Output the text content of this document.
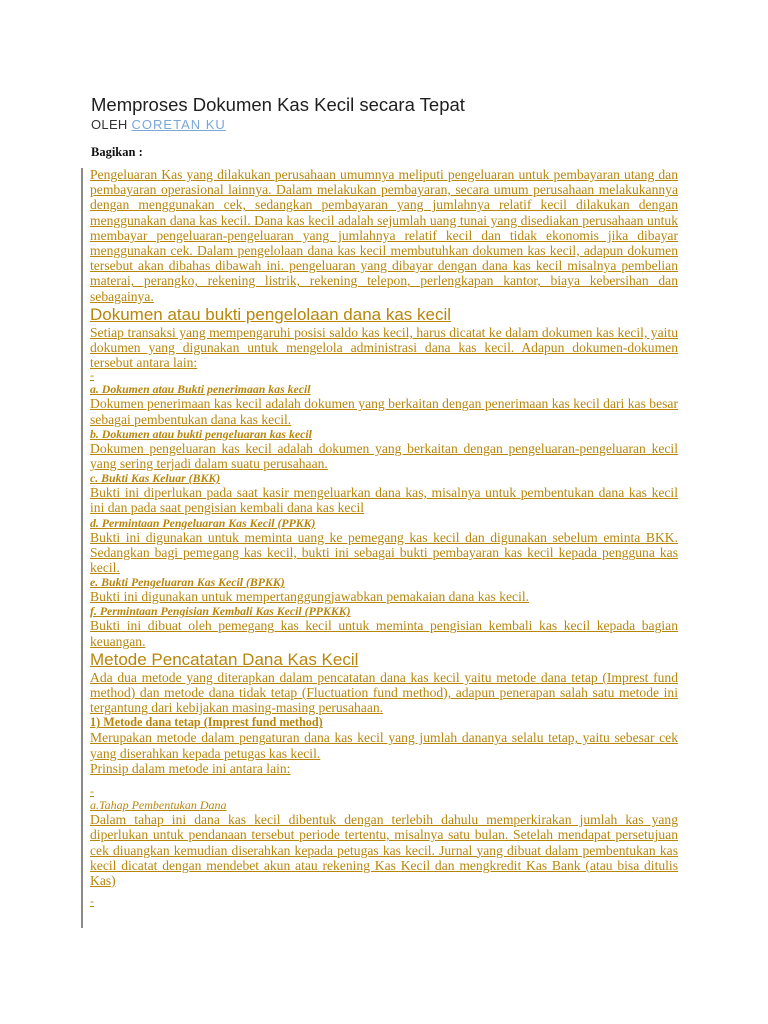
Memproses Dokumen Kas Kecil secara Tepat
OLEH CORETAN KU
Bagikan :

Pengeluaran Kas yang dilakukan perusahaan umumnya meliputi pengeluaran untuk pembayaran utang dan pembayaran operasional lainnya. Dalam melakukan pembayaran, secara umum perusahaan melakukannya dengan menggunakan cek, sedangkan pembayaran yang jumlahnya relatif kecil dilakukan dengan menggunakan dana kas kecil. Dana kas kecil adalah sejumlah uang tunai yang disediakan perusahaan untuk membayar pengeluaran-pengeluaran yang jumlahnya relatif kecil dan tidak ekonomis jika dibayar menggunakan cek. Dalam pengelolaan dana kas kecil membutuhkan dokumen kas kecil, adapun dokumen tersebut akan dibahas dibawah ini. pengeluaran yang dibayar dengan dana kas kecil misalnya pembelian materai, perangko, rekening listrik, rekening telepon, perlengkapan kantor, biaya kebersihan dan sebagainya.

Dokumen atau bukti pengelolaan dana kas kecil

Setiap transaksi yang mempengaruhi posisi saldo kas kecil, harus dicatat ke dalam dokumen kas kecil, yaitu dokumen yang digunakan untuk mengelola administrasi dana kas kecil. Adapun dokumen-dokumen tersebut antara lain:

-
a. Dokumen atau Bukti penerimaan kas kecil

Dokumen penerimaan kas kecil adalah dokumen yang berkaitan dengan penerimaan kas kecil dari kas besar sebagai pembentukan dana kas kecil.

b. Dokumen atau bukti pengeluaran kas kecil

Dokumen pengeluaran kas kecil adalah dokumen yang berkaitan dengan pengeluaran-pengeluaran kecil yang sering terjadi dalam suatu perusahaan.

c. Bukti Kas Keluar (BKK)

Bukti ini diperlukan pada saat kasir mengeluarkan dana kas, misalnya untuk pembentukan dana kas kecil ini dan pada saat pengisian kembali dana kas kecil

d. Permintaan Pengeluaran Kas Kecil (PPKK)

Bukti ini digunakan untuk meminta uang ke pemegang kas kecil dan digunakan sebelum eminta BKK. Sedangkan bagi pemegang kas kecil, bukti ini sebagai bukti pembayaran kas kecil kepada pengguna kas kecil.

e. Bukti Pengeluaran Kas Kecil (BPKK)

Bukti ini digunakan untuk mempertanggungjawabkan pemakaian dana kas kecil.

f. Permintaan Pengisian Kembali Kas Kecil (PPKKK)

Bukti ini dibuat oleh pemegang kas kecil untuk meminta pengisian kembali kas kecil kepada bagian keuangan.

Metode Pencatatan Dana Kas Kecil

Ada dua metode yang diterapkan dalam pencatatan dana kas kecil yaitu metode dana tetap (Imprest fund method) dan metode dana tidak tetap (Fluctuation fund method), adapun penerapan salah satu metode ini tergantung dari kebijakan masing-masing perusahaan.

1) Metode dana tetap (Imprest fund method)

Merupakan metode dalam pengaturan dana kas kecil yang jumlah dananya selalu tetap, yaitu sebesar cek yang diserahkan kepada petugas kas kecil.

Prinsip dalam metode ini antara lain:

-
a.Tahap Pembentukan Dana

Dalam tahap ini dana kas kecil dibentuk dengan terlebih dahulu memperkirakan jumlah kas yang diperlukan untuk pendanaan tersebut periode tertentu, misalnya satu bulan. Setelah mendapat persetujuan cek diuangkan kemudian diserahkan kepada petugas kas kecil. Jurnal yang dibuat dalam pembentukan kas kecil dicatat dengan mendebet akun atau rekening Kas Kecil dan mengkredit Kas Bank (atau bisa ditulis Kas)

-
